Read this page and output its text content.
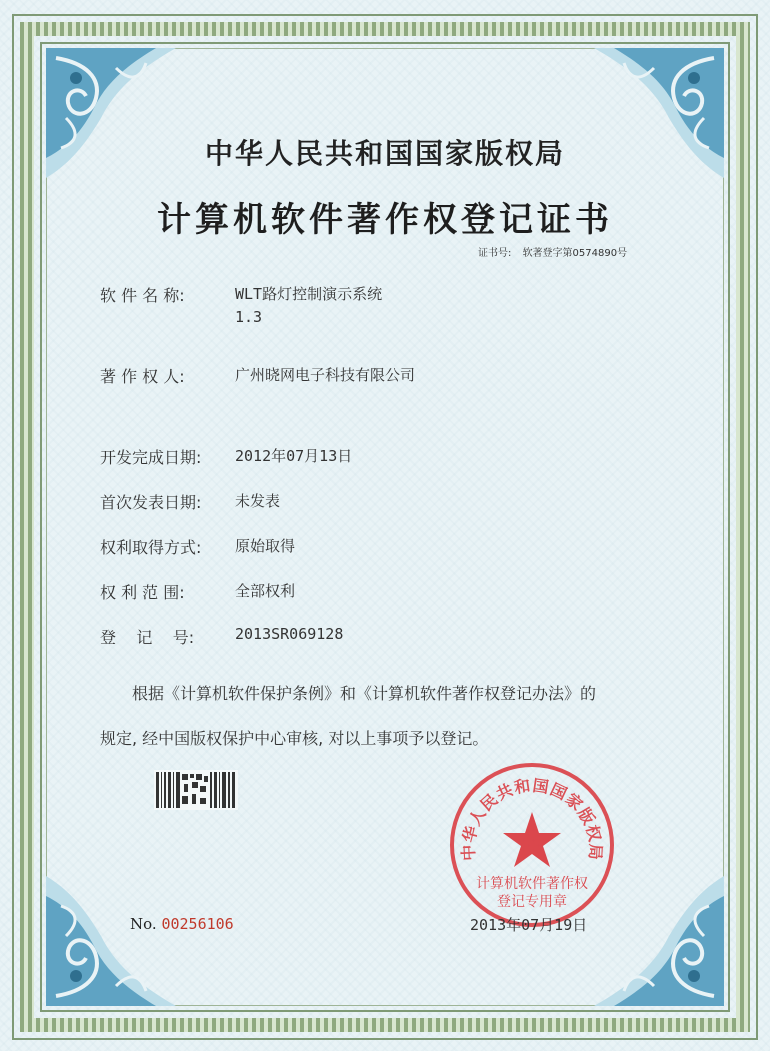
中华人民共和国国家版权局
计算机软件著作权登记证书
证书号: 软著登字第0574890号
软 件 名 称:	WLT路灯控制演示系统
1.3
著 作 权 人:	广州晓网电子科技有限公司
开发完成日期: 2012年07月13日
首次发表日期: 未发表
权利取得方式: 原始取得
权 利 范 围:	全部权利
登    记    号:	2013SR069128
根据《计算机软件保护条例》和《计算机软件著作权登记办法》的
规定, 经中国版权保护中心审核, 对以上事项予以登记。
中华人民共和国国家版权局
计算机软件著作权
登记专用章
No. 00256106	2013年07月19日
